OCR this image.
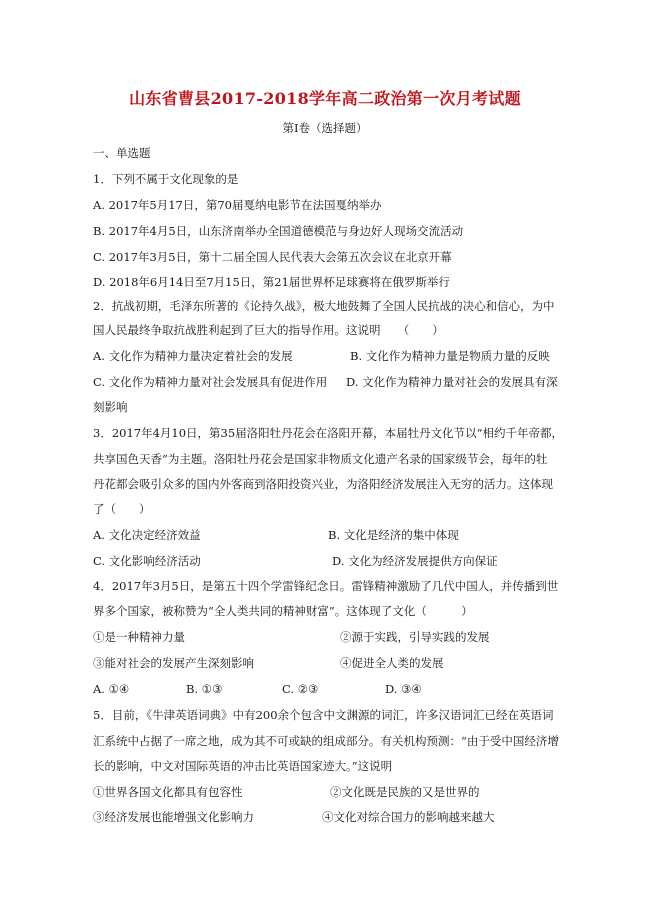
山东省曹县2017-2018学年高二政治第一次月考试题
第Ⅰ卷（选择题）
一、单选题
1．下列不属于文化现象的是
A. 2017年5月17日，第70届戛纳电影节在法国戛纳举办
B. 2017年4月5日，山东济南举办全国道德模范与身边好人现场交流活动
C. 2017年3月5日，第十二届全国人民代表大会第五次会议在北京开幕
D. 2018年6月14日至7月15日，第21届世界杯足球赛将在俄罗斯举行
2．抗战初期，毛泽东所著的《论持久战》，极大地鼓舞了全国人民抗战的决心和信心，为中
国人民最终争取抗战胜利起到了巨大的指导作用。这说明　　（　　）
A. 文化作为精神力量决定着社会的发展	B. 文化作为精神力量是物质力量的反映
C. 文化作为精神力量对社会发展具有促进作用 D. 文化作为精神力量对社会的发展具有深
刻影响
3．2017年4月10日，第35届洛阳牡丹花会在洛阳开幕，本届牡丹文化节以“相约千年帝都，
共享国色天香”为主题。洛阳牡丹花会是国家非物质文化遗产名录的国家级节会，每年的牡
丹花都会吸引众多的国内外客商到洛阳投资兴业，为洛阳经济发展注入无穷的活力。这体现
了（　　）
A. 文化决定经济效益	B. 文化是经济的集中体现
C. 文化影响经济活动	D. 文化为经济发展提供方向保证
4．2017年3月5日，是第五十四个学雷锋纪念日。雷锋精神激励了几代中国人，并传播到世
界多个国家，被称赞为“全人类共同的精神财富”。这体现了文化（　　　）
①是一种精神力量	②源于实践，引导实践的发展
③能对社会的发展产生深刻影响	④促进全人类的发展
A. ①④	B. ①③	C. ②③	D. ③④
5．目前，《牛津英语词典》中有200余个包含中文渊源的词汇，许多汉语词汇已经在英语词
汇系统中占据了一席之地，成为其不可或缺的组成部分。有关机构预测：“由于受中国经济增
长的影响，中文对国际英语的冲击比英语国家迹大。”这说明
①世界各国文化都具有包容性	②文化既是民族的又是世界的
③经济发展也能增强文化影响力	④文化对综合国力的影响越来越大
